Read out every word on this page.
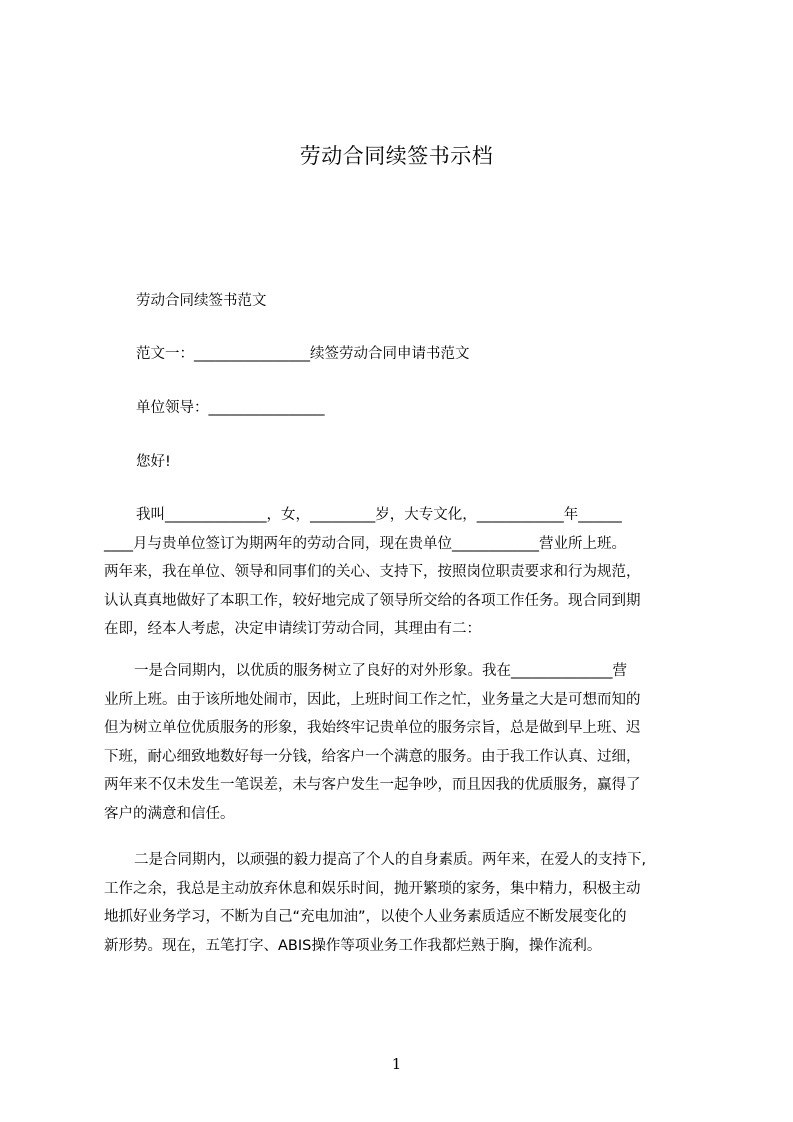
劳动合同续签书示档
劳动合同续签书范文
范文一：________________续签劳动合同申请书范文
单位领导：________________
您好!
我叫______________，女，_________岁，大专文化，____________年______
____月与贵单位签订为期两年的劳动合同，现在贵单位____________营业所上班。
两年来，我在单位、领导和同事们的关心、支持下，按照岗位职责要求和行为规范，
认认真真地做好了本职工作，较好地完成了领导所交给的各项工作任务。现合同到期
在即，经本人考虑，决定申请续订劳动合同，其理由有二：
一是合同期内，以优质的服务树立了良好的对外形象。我在______________营
业所上班。由于该所地处闹市，因此，上班时间工作之忙，业务量之大是可想而知的
但为树立单位优质服务的形象，我始终牢记贵单位的服务宗旨，总是做到早上班、迟
下班，耐心细致地数好每一分钱，给客户一个满意的服务。由于我工作认真、过细，
两年来不仅未发生一笔误差，未与客户发生一起争吵，而且因我的优质服务，赢得了
客户的满意和信任。
二是合同期内，以顽强的毅力提高了个人的自身素质。两年来，在爱人的支持下,
工作之余，我总是主动放弃休息和娱乐时间，抛开繁琐的家务，集中精力，积极主动
地抓好业务学习，不断为自己“充电加油”，以使个人业务素质适应不断发展变化的
新形势。现在，五笔打字、ABIS操作等项业务工作我都烂熟于胸，操作流利。
1
